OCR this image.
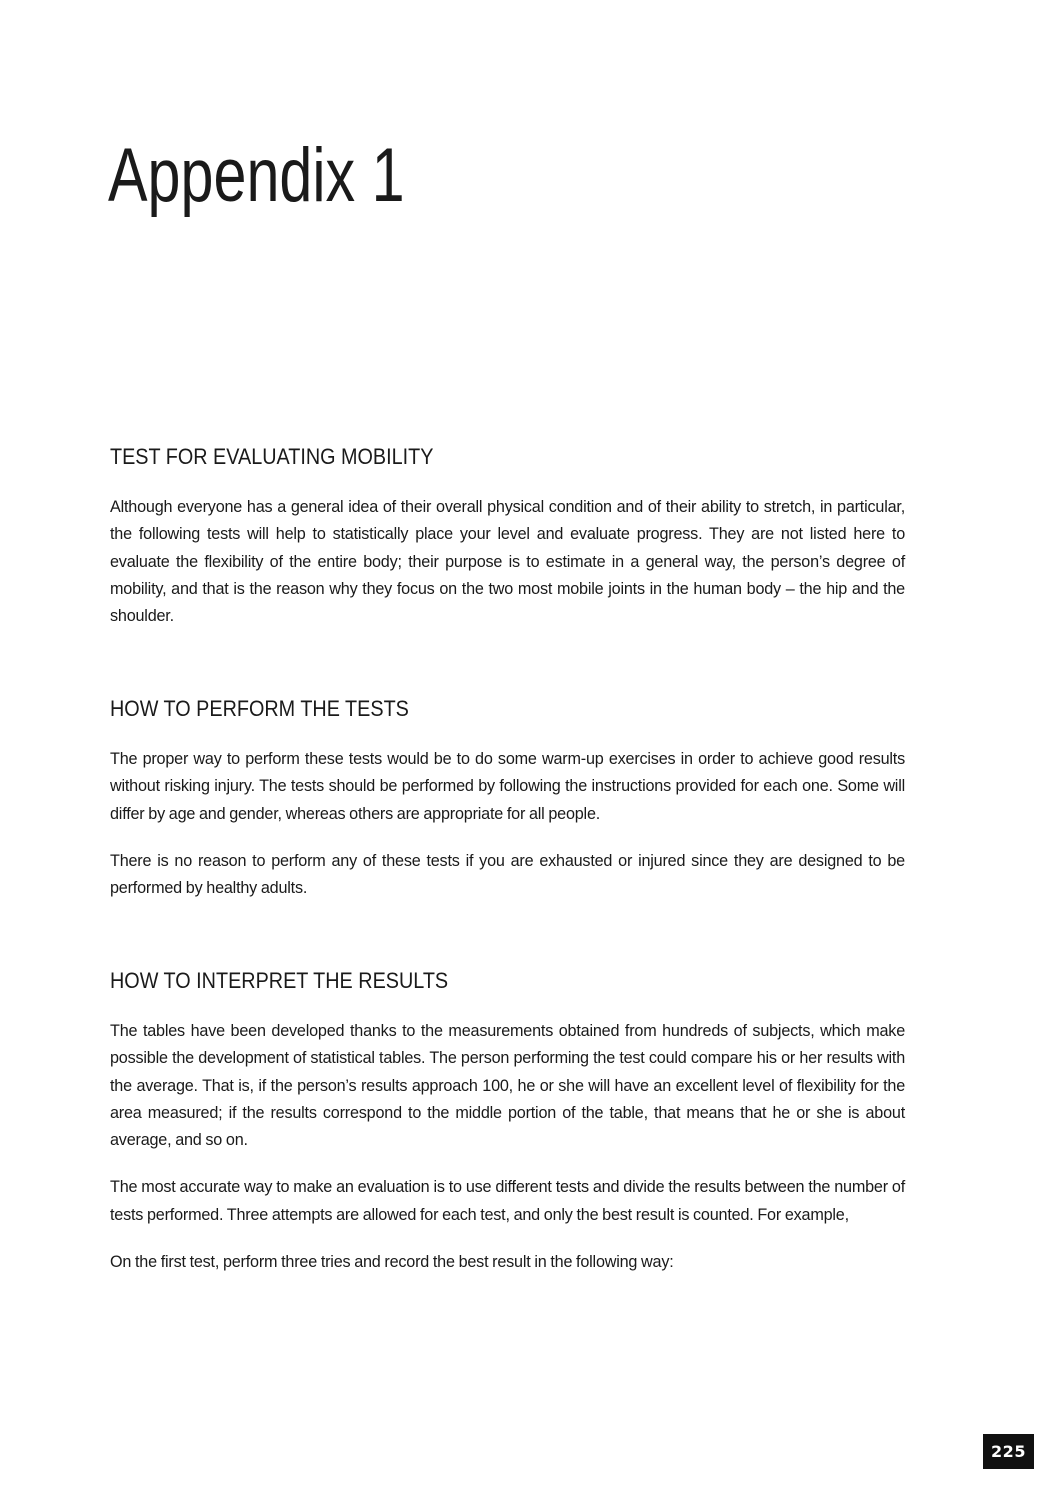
Appendix 1
TEST FOR EVALUATING MOBILITY

Although everyone has a general idea of their overall physical condition and of their ability to stretch, in particular, the following tests will help to statistically place your level and evaluate progress. They are not listed here to evaluate the flexibility of the entire body; their purpose is to estimate in a general way, the person’s degree of mobility, and that is the reason why they focus on the two most mobile joints in the human body – the hip and the shoulder.

HOW TO PERFORM THE TESTS

The proper way to perform these tests would be to do some warm-up exercises in order to achieve good results without risking injury. The tests should be performed by following the instructions provided for each one. Some will differ by age and gender, whereas others are appropriate for all people.

There is no reason to perform any of these tests if you are exhausted or injured since they are designed to be performed by healthy adults.

HOW TO INTERPRET THE RESULTS

The tables have been developed thanks to the measurements obtained from hundreds of subjects, which make possible the development of statistical tables. The person performing the test could compare his or her results with the average. That is, if the person’s results approach 100, he or she will have an excellent level of flexibility for the area measured; if the results correspond to the middle portion of the table, that means that he or she is about average, and so on.

The most accurate way to make an evaluation is to use different tests and divide the results between the number of tests performed. Three attempts are allowed for each test, and only the best result is counted. For example,

On the first test, perform three tries and record the best result in the following way:

225
